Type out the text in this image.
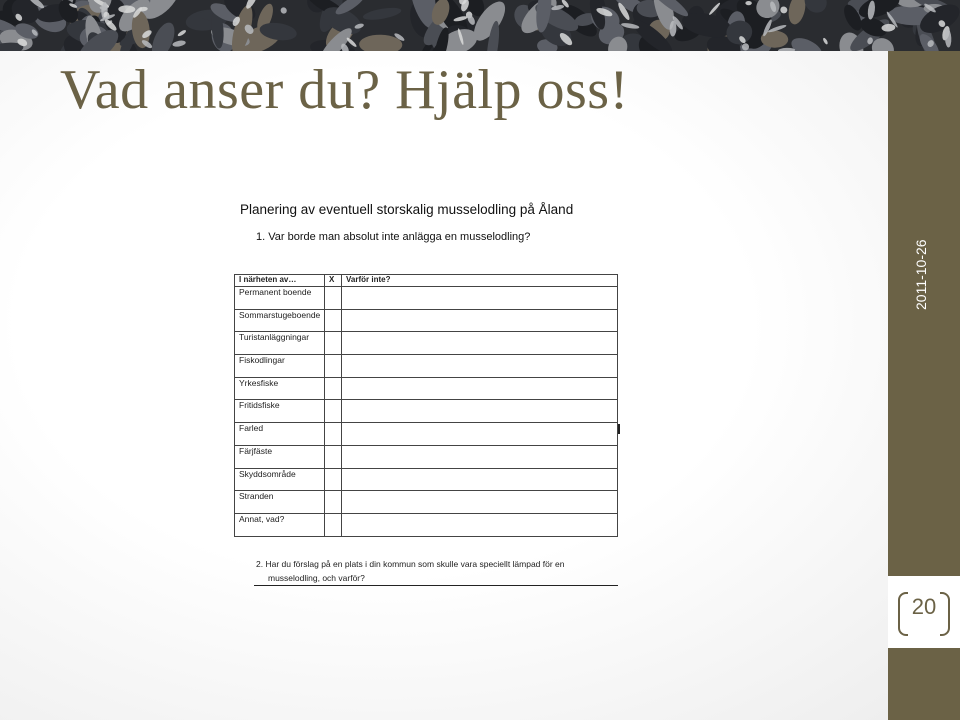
Vad anser du? Hjälp oss!
2011-10-26
20
Planering av eventuell storskalig musselodling på Åland
1. Var borde man absolut inte anlägga en musselodling?
I närheten av…	X	Varför inte?
Permanent boende		
Sommarstugeboende		
Turistanläggningar		
Fiskodlingar		
Yrkesfiske		
Fritidsfiske		
Farled		
Färjfäste		
Skyddsområde		
Stranden		
Annat, vad?		
2. Har du förslag på en plats i din kommun som skulle vara speciellt lämpad för en
musselodling, och varför?
